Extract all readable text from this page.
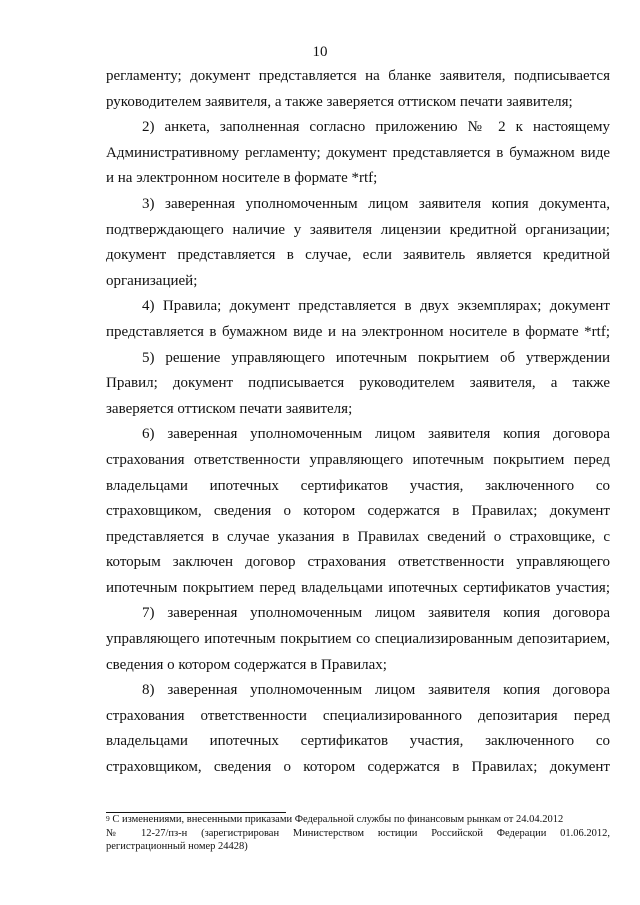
10
регламенту; документ представляется на бланке заявителя, подписывается
руководителем заявителя, а также заверяется оттиском печати заявителя;
2) анкета, заполненная согласно приложению № 2 к настоящему
Административному регламенту; документ представляется в бумажном виде
и на электронном носителе в формате *rtf;
3) заверенная уполномоченным лицом заявителя копия документа,
подтверждающего наличие у заявителя лицензии кредитной организации;
документ представляется в случае, если заявитель является кредитной
организацией;
4) Правила; документ представляется в двух экземплярах; документ
представляется в бумажном виде и на электронном носителе в формате *rtf;
5) решение управляющего ипотечным покрытием об утверждении
Правил; документ подписывается руководителем заявителя, а также
заверяется оттиском печати заявителя;
6) заверенная уполномоченным лицом заявителя копия договора
страхования ответственности управляющего ипотечным покрытием перед
владельцами ипотечных сертификатов участия, заключенного со
страховщиком, сведения о котором содержатся в Правилах; документ
представляется в случае указания в Правилах сведений о страховщике, с
которым заключен договор страхования ответственности управляющего
ипотечным покрытием перед владельцами ипотечных сертификатов участия;
7) заверенная уполномоченным лицом заявителя копия договора
управляющего ипотечным покрытием со специализированным депозитарием,
сведения о котором содержатся в Правилах;
8) заверенная уполномоченным лицом заявителя копия договора
страхования ответственности специализированного депозитария перед
владельцами ипотечных сертификатов участия, заключенного со
страховщиком, сведения о котором содержатся в Правилах; документ
$^9$ С изменениями, внесенными приказами Федеральной службы по финансовым рынкам от 24.04.2012
№ 12-27/пз-н (зарегистрирован Министерством юстиции Российской Федерации 01.06.2012,
регистрационный номер 24428)
